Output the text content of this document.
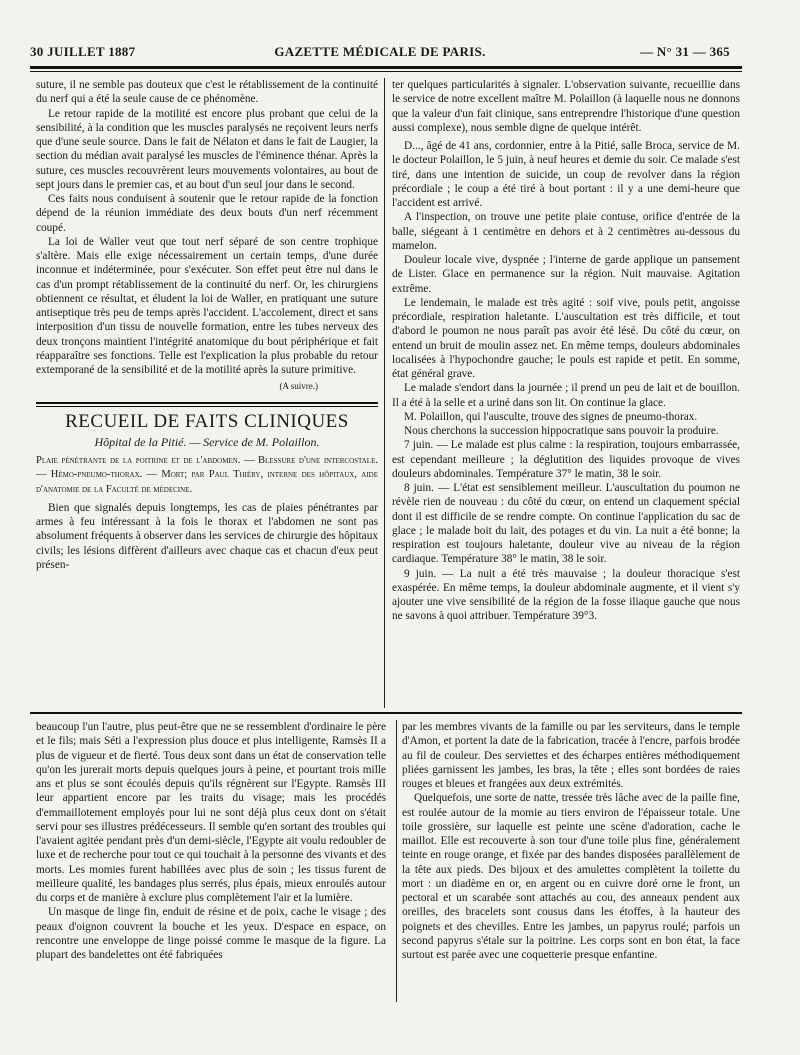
30 JUILLET 1887	GAZETTE MÉDICALE DE PARIS.	— N° 31 — 365

suture, il ne semble pas douteux que c'est le rétablissement de la continuité du nerf qui a été la seule cause de ce phénomène.

Le retour rapide de la motilité est encore plus probant que celui de la sensibilité, à la condition que les muscles paralysés ne reçoivent leurs nerfs que d'une seule source. Dans le fait de Nélaton et dans le fait de Laugier, la section du médian avait paralysé les muscles de l'éminence thénar. Après la suture, ces muscles recouvrèrent leurs mouvements volontaires, au bout de sept jours dans le premier cas, et au bout d'un seul jour dans le second.

Ces faits nous conduisent à soutenir que le retour rapide de la fonction dépend de la réunion immédiate des deux bouts d'un nerf récemment coupé.

La loi de Waller veut que tout nerf séparé de son centre trophique s'altère. Mais elle exige nécessairement un certain temps, d'une durée inconnue et indéterminée, pour s'exécuter. Son effet peut être nul dans le cas d'un prompt rétablissement de la continuité du nerf. Or, les chirurgiens obtiennent ce résultat, et éludent la loi de Waller, en pratiquant une suture antiseptique très peu de temps après l'accident. L'accolement, direct et sans interposition d'un tissu de nouvelle formation, entre les tubes nerveux des deux tronçons maintient l'intégrité anatomique du bout périphérique et fait réapparaître ses fonctions. Telle est l'explication la plus probable du retour extemporané de la sensibilité et de la motilité après la suture primitive.

(A suivre.)
RECUEIL DE FAITS CLINIQUES
Hôpital de la Pitié. — Service de M. Polaillon.

Plaie pénétrante de la poitrine et de l'abdomen. — Blessure d'une intercostale. — Hémo-pneumo-thorax. — Mort; par Paul Thiéry, interne des hôpitaux, aide d'anatomie de la Faculté de médecine.

Bien que signalés depuis longtemps, les cas de plaies pénétrantes par armes à feu intéressant à la fois le thorax et l'abdomen ne sont pas absolument fréquents à observer dans les services de chirurgie des hôpitaux civils; les lésions diffèrent d'ailleurs avec chaque cas et chacun d'eux peut présen-

ter quelques particularités à signaler. L'observation suivante, recueillie dans le service de notre excellent maître M. Polaillon (à laquelle nous ne donnons que la valeur d'un fait clinique, sans entreprendre l'historique d'une question aussi complexe), nous semble digne de quelque intérêt.

D..., âgé de 41 ans, cordonnier, entre à la Pitié, salle Broca, service de M. le docteur Polaillon, le 5 juin, à neuf heures et demie du soir. Ce malade s'est tiré, dans une intention de suicide, un coup de revolver dans la région précordiale ; le coup a été tiré à bout portant : il y a une demi-heure que l'accident est arrivé.

A l'inspection, on trouve une petite plaie contuse, orifice d'entrée de la balle, siégeant à 1 centimètre en dehors et à 2 centimètres au-dessous du mamelon.

Douleur locale vive, dyspnée ; l'interne de garde applique un pansement de Lister. Glace en permanence sur la région. Nuit mauvaise. Agitation extrême.

Le lendemain, le malade est très agité : soif vive, pouls petit, angoisse précordiale, respiration haletante. L'auscultation est très difficile, et tout d'abord le poumon ne nous paraît pas avoir été lésé. Du côté du cœur, on entend un bruit de moulin assez net. En même temps, douleurs abdominales localisées à l'hypochondre gauche; le pouls est rapide et petit. En somme, état général grave.

Le malade s'endort dans la journée ; il prend un peu de lait et de bouillon. Il a été à la selle et a uriné dans son lit. On continue la glace.

M. Polaillon, qui l'ausculte, trouve des signes de pneumo-thorax.

Nous cherchons la succession hippocratique sans pouvoir la produire.

7 juin. — Le malade est plus calme : la respiration, toujours embarrassée, est cependant meilleure ; la déglutition des liquides provoque de vives douleurs abdominales. Température 37° le matin, 38 le soir.

8 juin. — L'état est sensiblement meilleur. L'auscultation du poumon ne révèle rien de nouveau : du côté du cœur, on entend un claquement spécial dont il est difficile de se rendre compte. On continue l'application du sac de glace ; le malade boit du lait, des potages et du vin. La nuit a été bonne; la respiration est toujours haletante, douleur vive au niveau de la région cardiaque. Température 38° le matin, 38 le soir.

9 juin. — La nuit a été très mauvaise ; la douleur thoracique s'est exaspérée. En même temps, la douleur abdominale augmente, et il vient s'y ajouter une vive sensibilité de la région de la fosse iliaque gauche que nous ne savons à quoi attribuer. Température 39°3.

beaucoup l'un l'autre, plus peut-être que ne se ressemblent d'ordinaire le père et le fils; mais Séti a l'expression plus douce et plus intelligente, Ramsès II a plus de vigueur et de fierté. Tous deux sont dans un état de conservation telle qu'on les jurerait morts depuis quelques jours à peine, et pourtant trois mille ans et plus se sont écoulés depuis qu'ils régnèrent sur l'Egypte. Ramsès III leur appartient encore par les traits du visage; mais les procédés d'emmaillotement employés pour lui ne sont déjà plus ceux dont on s'était servi pour ses illustres prédécesseurs. Il semble qu'en sortant des troubles qui l'avaient agitée pendant près d'un demi-siècle, l'Egypte ait voulu redoubler de luxe et de recherche pour tout ce qui touchait à la personne des vivants et des morts. Les momies furent habillées avec plus de soin ; les tissus furent de meilleure qualité, les bandages plus serrés, plus épais, mieux enroulés autour du corps et de manière à exclure plus complètement l'air et la lumière.

Un masque de linge fin, enduit de résine et de poix, cache le visage ; des peaux d'oignon couvrent la bouche et les yeux. D'espace en espace, on rencontre une enveloppe de linge poissé comme le masque de la figure. La plupart des bandelettes ont été fabriquées

par les membres vivants de la famille ou par les serviteurs, dans le temple d'Amon, et portent la date de la fabrication, tracée à l'encre, parfois brodée au fil de couleur. Des serviettes et des écharpes entières méthodiquement pliées garnissent les jambes, les bras, la tête ; elles sont bordées de raies rouges et bleues et frangées aux deux extrémités.

Quelquefois, une sorte de natte, tressée très lâche avec de la paille fine, est roulée autour de la momie au tiers environ de l'épaisseur totale. Une toile grossière, sur laquelle est peinte une scène d'adoration, cache le maillot. Elle est recouverte à son tour d'une toile plus fine, généralement teinte en rouge orange, et fixée par des bandes disposées parallèlement de la tête aux pieds. Des bijoux et des amulettes complètent la toilette du mort : un diadème en or, en argent ou en cuivre doré orne le front, un pectoral et un scarabée sont attachés au cou, des anneaux pendent aux oreilles, des bracelets sont cousus dans les étoffes, à la hauteur des poignets et des chevilles. Entre les jambes, un papyrus roulé; parfois un second papyrus s'étale sur la poitrine. Les corps sont en bon état, la face surtout est parée avec une coquetterie presque enfantine.
